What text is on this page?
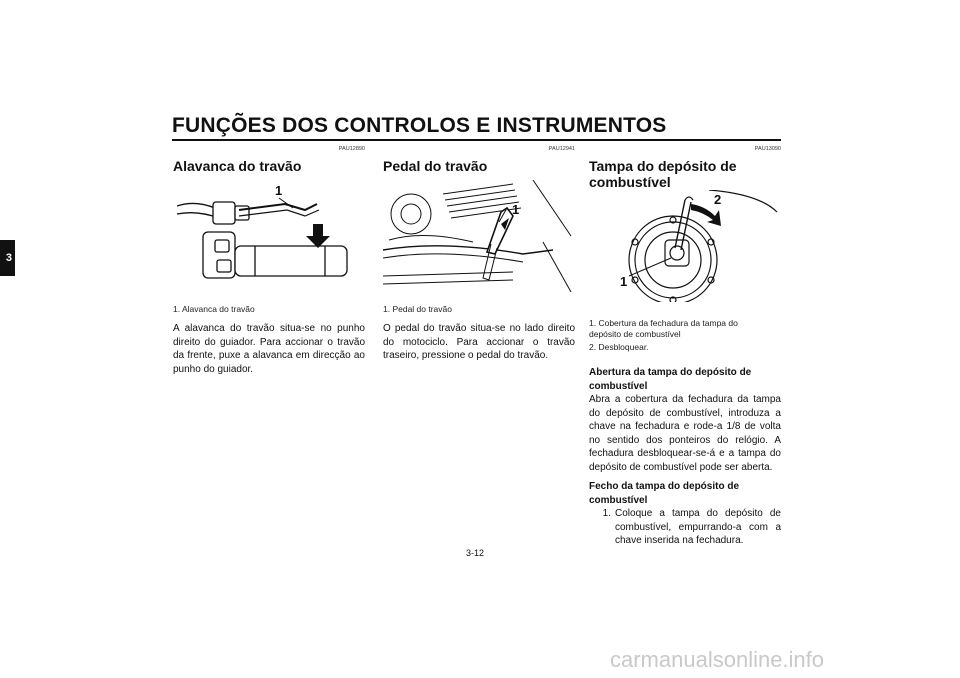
FUNÇÕES DOS CONTROLOS E INSTRUMENTOS
3
PAU12890
Alavanca do travão
1
1. Alavanca do travão
A alavanca do travão situa-se no punho direito do guiador. Para accionar o travão da frente, puxe a alavanca em direcção ao punho do guiador.
PAU12941
Pedal do travão
1
1. Pedal do travão
O pedal do travão situa-se no lado direito do motociclo. Para accionar o travão traseiro, pressione o pedal do travão.
PAU13090
Tampa do depósito de combustível
2
1
1. Cobertura da fechadura da tampa do depósito de combustível
2. Desbloquear.
Abertura da tampa do depósito de combustível
Abra a cobertura da fechadura da tampa do depósito de combustível, introduza a chave na fechadura e rode-a 1/8 de volta no sentido dos ponteiros do relógio. A fechadura desbloquear-se-á e a tampa do depósito de combustível pode ser aberta.
Fecho da tampa do depósito de combustível
1. Coloque a tampa do depósito de combustível, empurrando-a com a chave inserida na fechadura.
3-12
carmanualsonline.info
